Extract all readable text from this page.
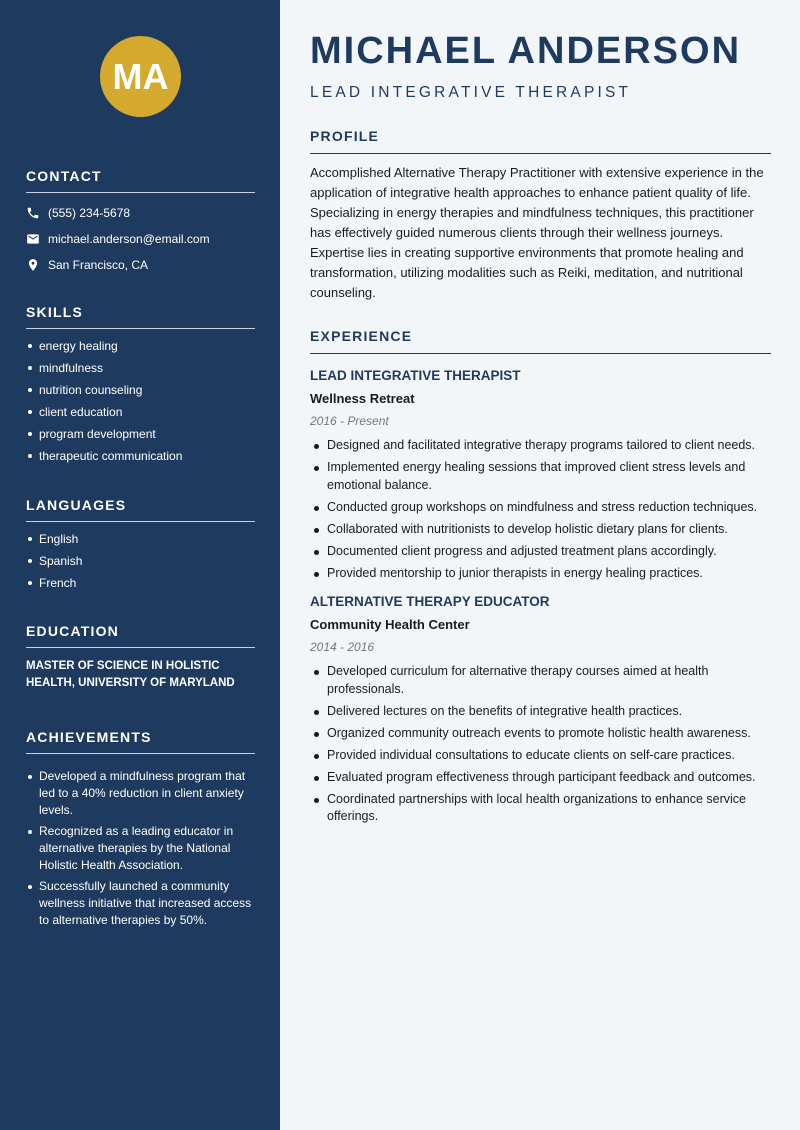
MA
CONTACT
(555) 234-5678
michael.anderson@email.com
San Francisco, CA
SKILLS
energy healing
mindfulness
nutrition counseling
client education
program development
therapeutic communication
LANGUAGES
English
Spanish
French
EDUCATION

MASTER OF SCIENCE IN HOLISTIC HEALTH, UNIVERSITY OF MARYLAND

ACHIEVEMENTS
Developed a mindfulness program that led to a 40% reduction in client anxiety levels.
Recognized as a leading educator in alternative therapies by the National Holistic Health Association.
Successfully launched a community wellness initiative that increased access to alternative therapies by 50%.
MICHAEL ANDERSON
LEAD INTEGRATIVE THERAPIST
PROFILE

Accomplished Alternative Therapy Practitioner with extensive experience in the application of integrative health approaches to enhance patient quality of life. Specializing in energy therapies and mindfulness techniques, this practitioner has effectively guided numerous clients through their wellness journeys. Expertise lies in creating supportive environments that promote healing and transformation, utilizing modalities such as Reiki, meditation, and nutritional counseling.

EXPERIENCE
LEAD INTEGRATIVE THERAPIST
Wellness Retreat
2016 - Present
Designed and facilitated integrative therapy programs tailored to client needs.
Implemented energy healing sessions that improved client stress levels and emotional balance.
Conducted group workshops on mindfulness and stress reduction techniques.
Collaborated with nutritionists to develop holistic dietary plans for clients.
Documented client progress and adjusted treatment plans accordingly.
Provided mentorship to junior therapists in energy healing practices.
ALTERNATIVE THERAPY EDUCATOR
Community Health Center
2014 - 2016
Developed curriculum for alternative therapy courses aimed at health professionals.
Delivered lectures on the benefits of integrative health practices.
Organized community outreach events to promote holistic health awareness.
Provided individual consultations to educate clients on self-care practices.
Evaluated program effectiveness through participant feedback and outcomes.
Coordinated partnerships with local health organizations to enhance service offerings.
